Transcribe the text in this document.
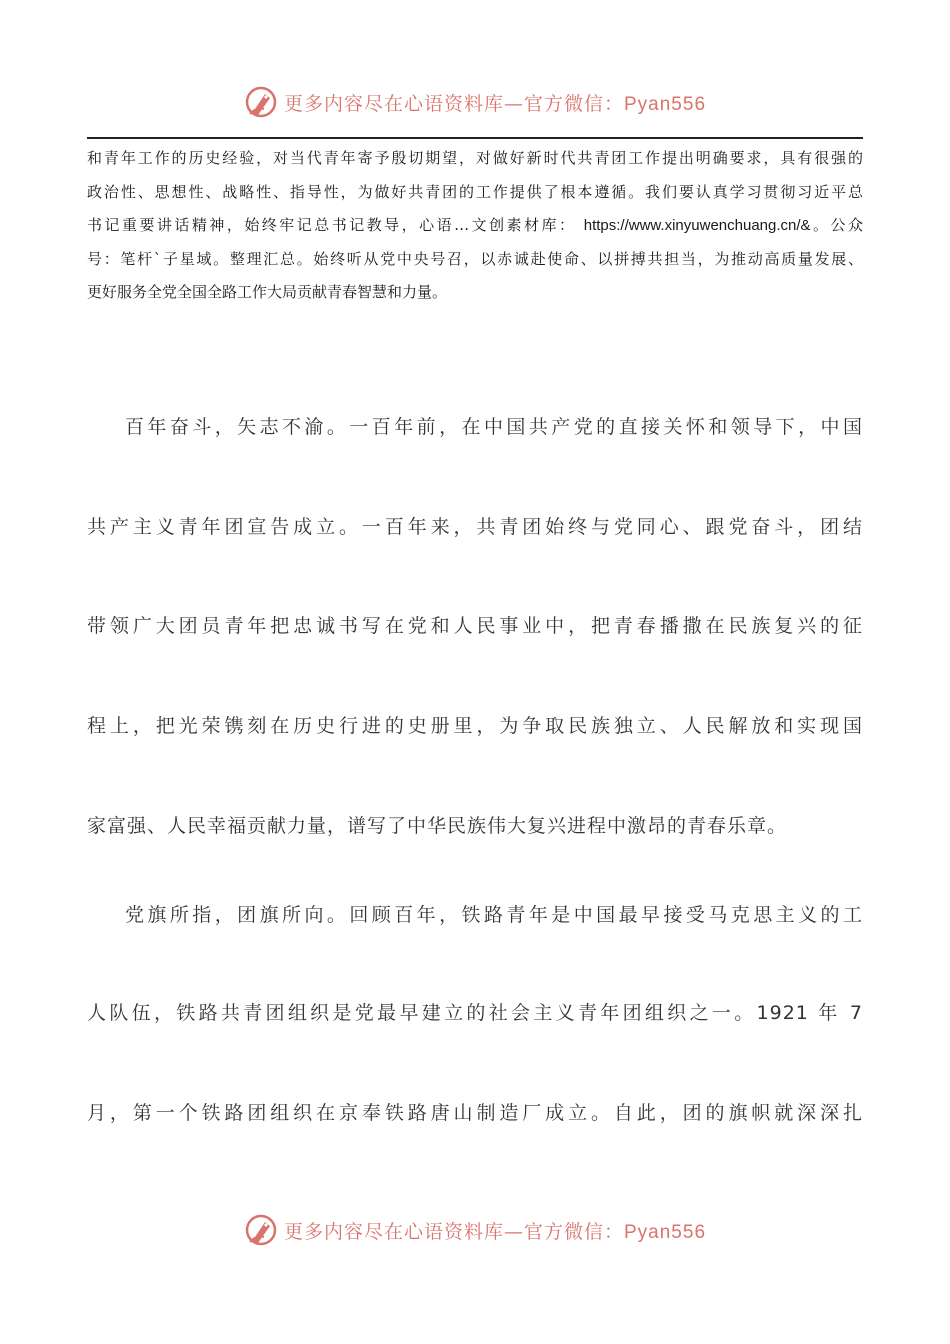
更多内容尽在心语资料库—官方微信：Pyan556
和青年工作的历史经验，对当代青年寄予殷切期望，对做好新时代共青团工作提出明确要求，具有很强的
政治性、思想性、战略性、指导性，为做好共青团的工作提供了根本遵循。我们要认真学习贯彻习近平总
书记重要讲话精神，始终牢记总书记教导，心语…文创素材库： https://www.xinyuwenchuang.cn/&。公众
号：笔杆`子星域。整理汇总。始终听从党中央号召，以赤诚赴使命、以拼搏共担当，为推动高质量发展、
更好服务全党全国全路工作大局贡献青春智慧和力量。
百年奋斗，矢志不渝。一百年前，在中国共产党的直接关怀和领导下，中国
共产主义青年团宣告成立。一百年来，共青团始终与党同心、跟党奋斗，团结
带领广大团员青年把忠诚书写在党和人民事业中，把青春播撒在民族复兴的征
程上，把光荣镌刻在历史行进的史册里，为争取民族独立、人民解放和实现国
家富强、人民幸福贡献力量，谱写了中华民族伟大复兴进程中激昂的青春乐章。
党旗所指，团旗所向。回顾百年，铁路青年是中国最早接受马克思主义的工
人队伍，铁路共青团组织是党最早建立的社会主义青年团组织之一。1921 年 7
月，第一个铁路团组织在京奉铁路唐山制造厂成立。自此，团的旗帜就深深扎
更多内容尽在心语资料库—官方微信：Pyan556
